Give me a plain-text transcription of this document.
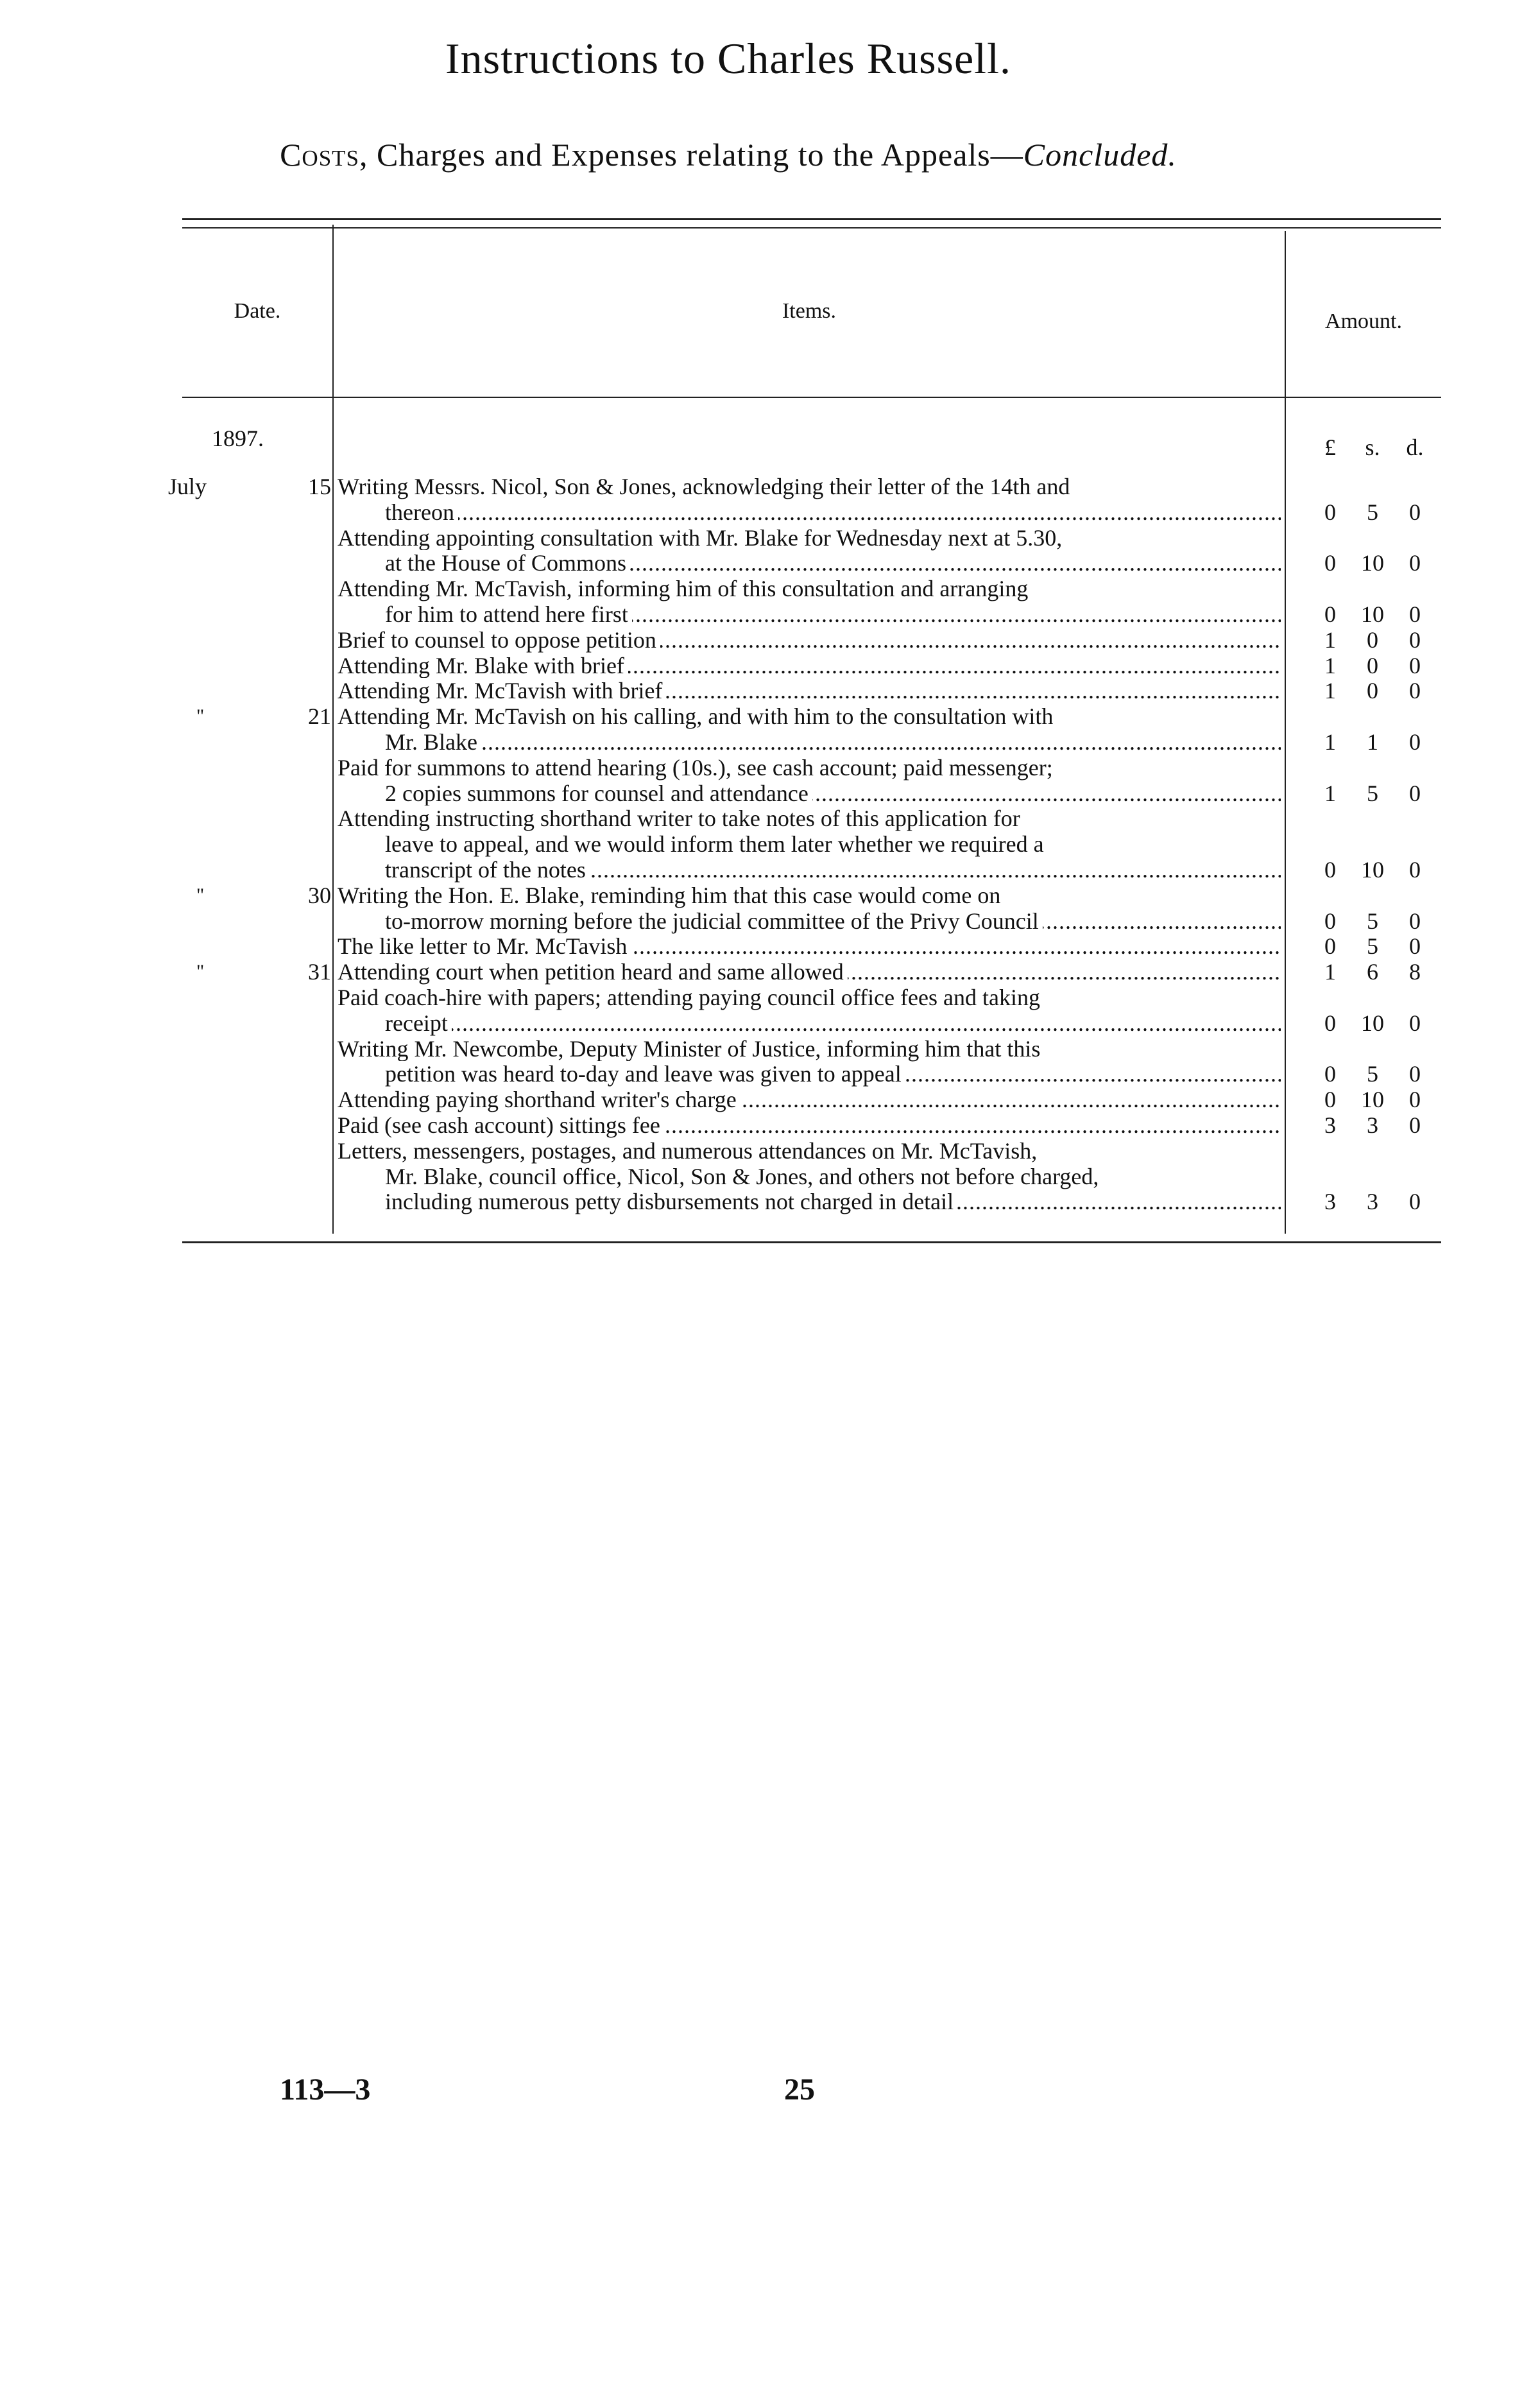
Instructions to Charles Russell.
Costs, Charges and Expenses relating to the Appeals—Concluded.
Date.	Items.	Amount.
1897.	£ s. d.
July	15 Writing Messrs. Nicol, Son & Jones, acknowledging their letter of the 14th and
thereon . . .	0 5 0
Attending appointing consultation with Mr. Blake for Wednesday next at 5.30,
at the House of Commons . . .	0 10 0
Attending Mr. McTavish, informing him of this consultation and arranging
for him to attend here first . . .	0 10 0
Brief to counsel to oppose petition . . .	1 0 0
Attending Mr. Blake with brief . . .	1 0 0
Attending Mr. McTavish with brief . . .	1 0 0
"	21 Attending Mr. McTavish on his calling, and with him to the consultation with
Mr. Blake . . .	1 1 0
Paid for summons to attend hearing (10s.), see cash account; paid messenger;
2 copies summons for counsel and attendance . . .	1 5 0
Attending instructing shorthand writer to take notes of this application for
leave to appeal, and we would inform them later whether we required a
transcript of the notes . . .	0 10 0
"	30 Writing the Hon. E. Blake, reminding him that this case would come on
to-morrow morning before the judicial committee of the Privy Council . . .	0 5 0
The like letter to Mr. McTavish . . .	0 5 0
"	31 Attending court when petition heard and same allowed . . .	1 6 8
Paid coach-hire with papers; attending paying council office fees and taking
receipt . . .	0 10 0
Writing Mr. Newcombe, Deputy Minister of Justice, informing him that this
petition was heard to-day and leave was given to appeal . . .	0 5 0
Attending paying shorthand writer's charge . . .	0 10 0
Paid (see cash account) sittings fee . . .	3 3 0
Letters, messengers, postages, and numerous attendances on Mr. McTavish,
Mr. Blake, council office, Nicol, Son & Jones, and others not before charged,
including numerous petty disbursements not charged in detail . . .	3 3 0
113—3	25
